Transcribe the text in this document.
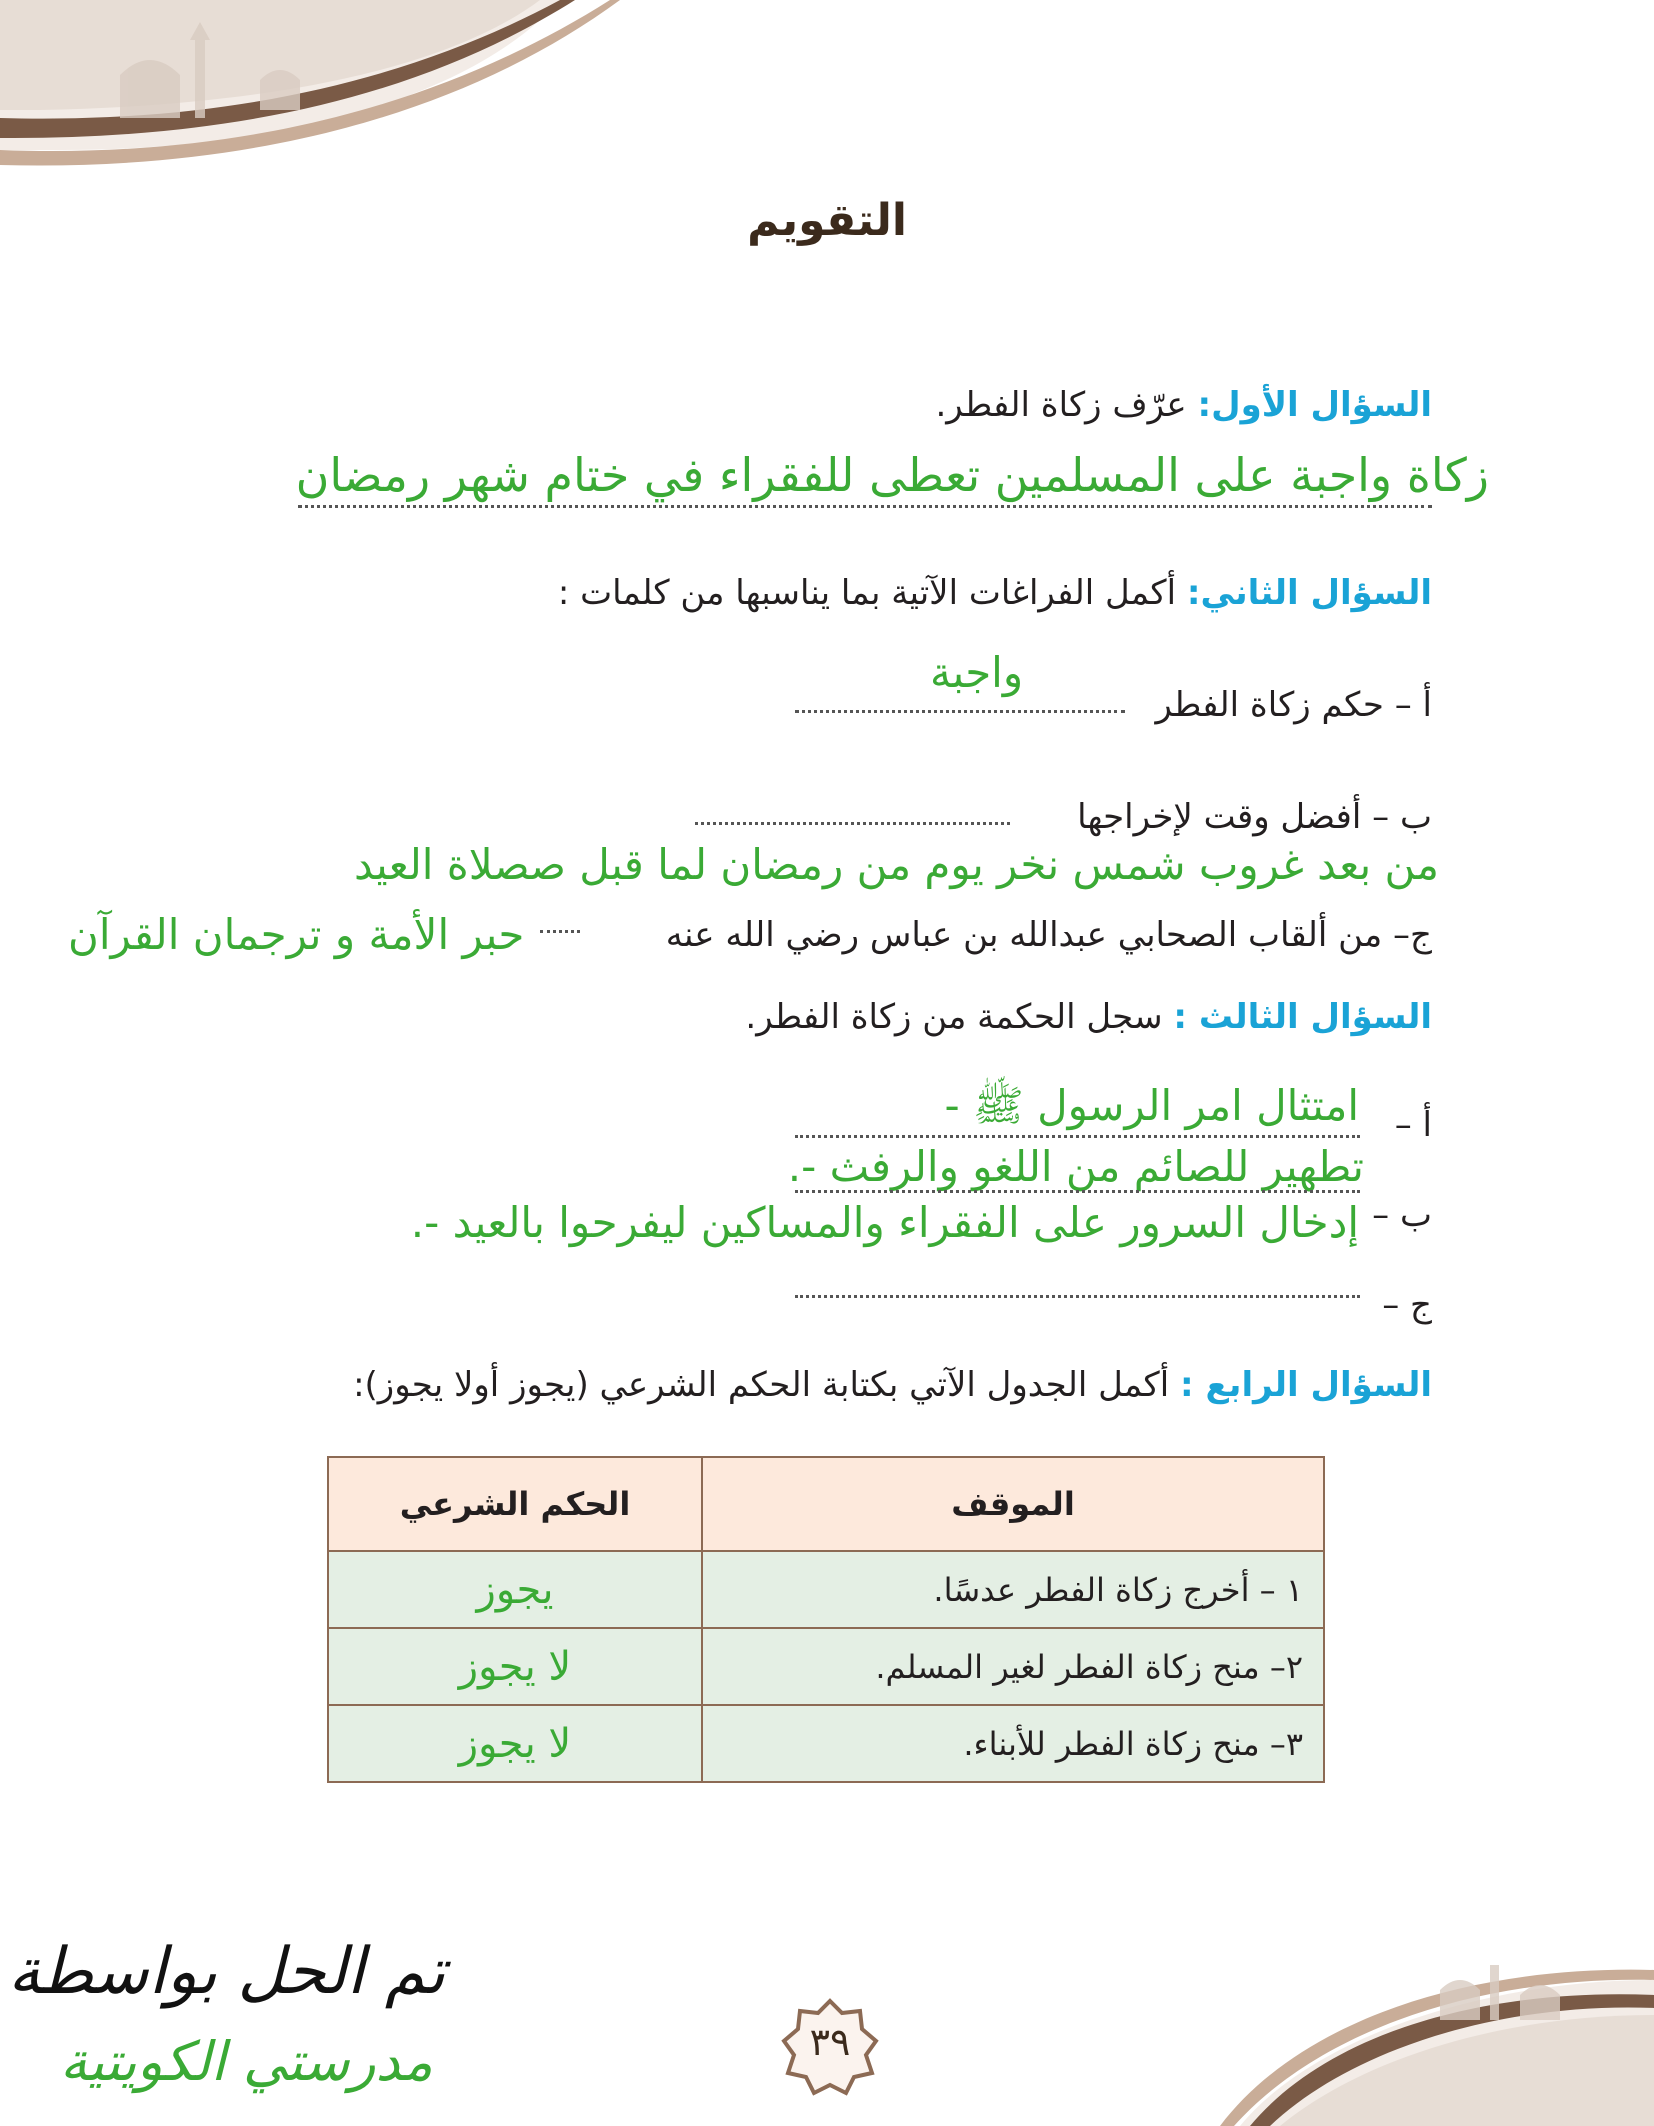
التقويم
السؤال الأول: عرّف زكاة الفطر.
زكاة واجبة على المسلمين تعطى للفقراء في ختام شهر رمضان
السؤال الثاني: أكمل الفراغات الآتية بما يناسبها من كلمات :
أ – حكم زكاة الفطر
واجبة
ب – أفضل وقت لإخراجها
من بعد غروب شمس نخر يوم من رمضان لما قبل صصلاة العيد
ج– من ألقاب الصحابي عبدالله بن عباس رضي الله عنه
حبر الأمة و ترجمان القرآن
السؤال الثالث : سجل الحكمة من زكاة الفطر.
أ –
امتثال امر الرسول ﷺ -
تطهير للصائم من اللغو والرفث -.
ب –
إدخال السرور على الفقراء والمساكين ليفرحوا بالعيد -.
ج –
السؤال الرابع : أكمل الجدول الآتي بكتابة الحكم الشرعي (يجوز أولا يجوز):
الموقف	الحكم الشرعي
١ – أخرج زكاة الفطر عدسًا.	يجوز
٢– منح زكاة الفطر لغير المسلم.	لا يجوز
٣– منح زكاة الفطر للأبناء.	لا يجوز
تم الحل بواسطة
مدرستي الكويتية	٣٩
